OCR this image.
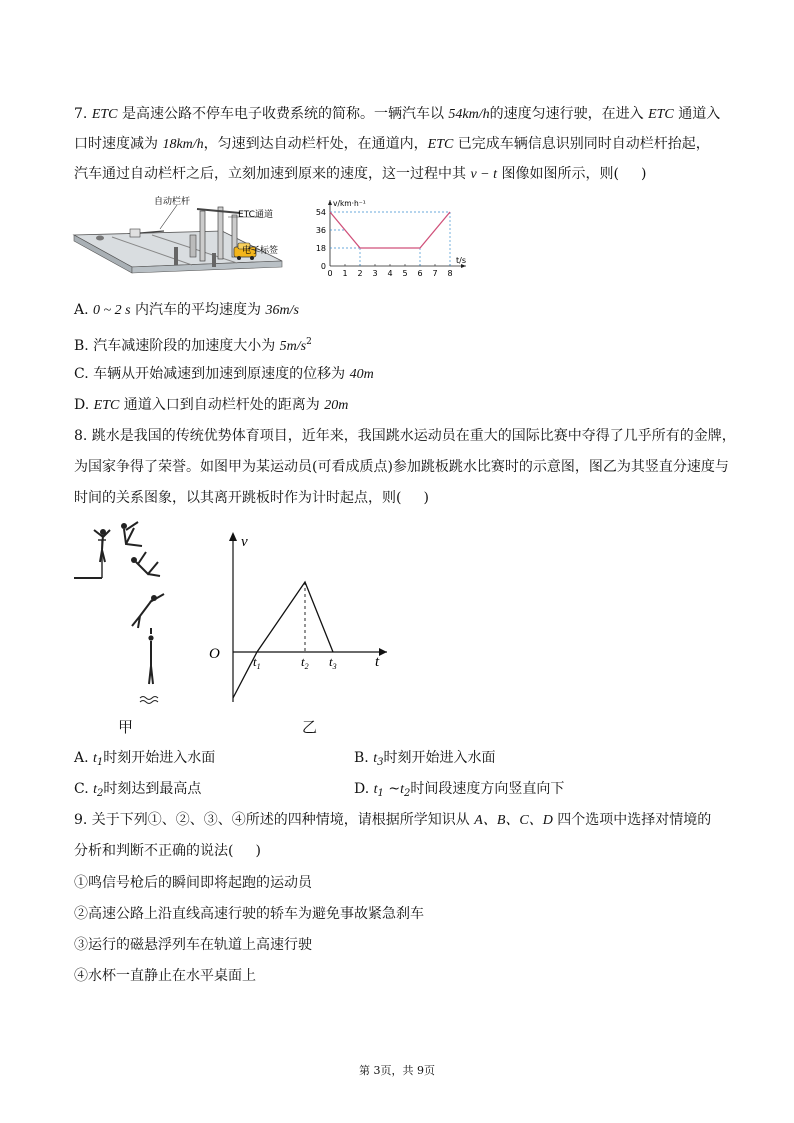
7. ETC 是高速公路不停车电子收费系统的简称。一辆汽车以 54km/h的速度匀速行驶，在进入 ETC 通道入
口时速度减为 18km/h，匀速到达自动栏杆处，在通道内，ETC 已完成车辆信息识别同时自动栏杆抬起，
汽车通过自动栏杆之后，立刻加速到原来的速度，这一过程中其 v − t 图像如图所示，则( )
自动栏杆
ETC通道
电子标签
0 1 2 3 4 5 6 7 8
18
36
54
0
v/km·h⁻¹
t/s
A. 0 ~ 2 s 内汽车的平均速度为 36m/s
B. 汽车减速阶段的加速度大小为 $5m/s^2$
C. 车辆从开始减速到加速到原速度的位移为 40m
D. ETC 通道入口到自动栏杆处的距离为 20m
8. 跳水是我国的传统优势体育项目，近年来，我国跳水运动员在重大的国际比赛中夺得了几乎所有的金牌，
为国家争得了荣誉。如图甲为某运动员(可看成质点)参加跳板跳水比赛时的示意图，图乙为其竖直分速度与
时间的关系图象，以其离开跳板时作为计时起点，则( )
O
v
t
$t_1$	$t_2$ $t_3$
甲	乙
A. $t_1$时刻开始进入水面	B. $t_3$时刻开始进入水面
C. $t_2$时刻达到最高点	D. $t_1$ $\sim t_2$时间段速度方向竖直向下
9. 关于下列①、②、③、④所述的四种情境，请根据所学知识从 A、B、C、D 四个选项中选择对情境的
分析和判断不正确的说法( )
①鸣信号枪后的瞬间即将起跑的运动员
②高速公路上沿直线高速行驶的轿车为避免事故紧急刹车
③运行的磁悬浮列车在轨道上高速行驶
④水杯一直静止在水平桌面上
第 3页，共 9页
